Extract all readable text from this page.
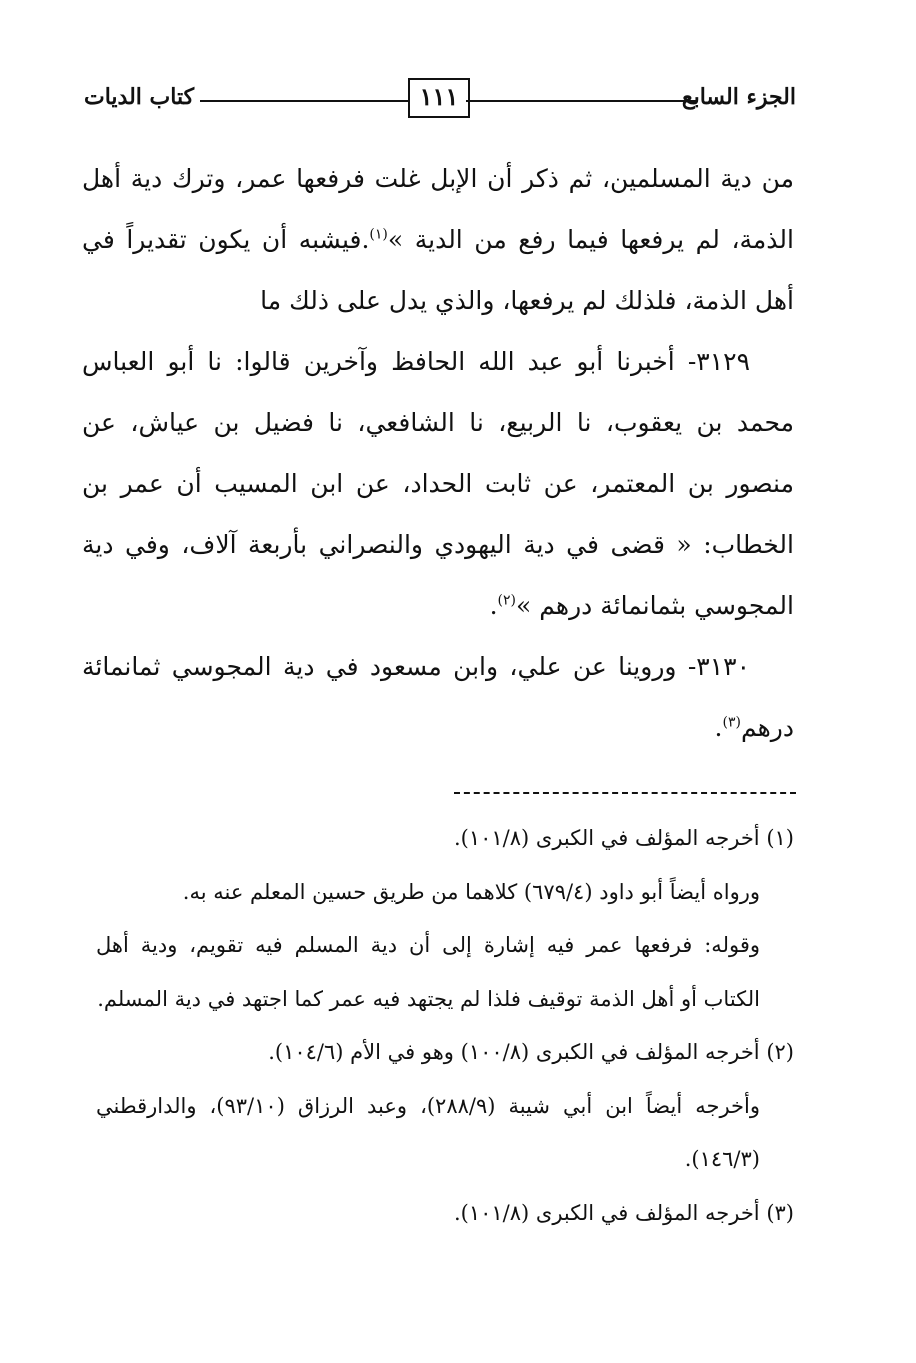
الجزء السابع
١١١
كتاب الديات

من دية المسلمين، ثم ذكر أن الإبل غلت فرفعها عمر، وترك دية أهل الذمة، لم يرفعها فيما رفع من الدية »$^{(١)}$.فيشبه أن يكون تقديراً في أهل الذمة، فلذلك لم يرفعها، والذي يدل على ذلك ما

٣١٢٩- أخبرنا أبو عبد الله الحافظ وآخرين قالوا: نا أبو العباس محمد بن يعقوب، نا الربيع، نا الشافعي، نا فضيل بن عياش، عن منصور بن المعتمر، عن ثابت الحداد، عن ابن المسيب أن عمر بن الخطاب: « قضى في دية اليهودي والنصراني بأربعة آلاف، وفي دية المجوسي بثمانمائة درهم »$^{(٢)}$.

٣١٣٠- وروينا عن علي، وابن مسعود في دية المجوسي ثمانمائة درهم$^{(٣)}$.

(١) أخرجه المؤلف في الكبرى (١٠١/٨).

ورواه أيضاً أبو داود (٦٧٩/٤) كلاهما من طريق حسين المعلم عنه به.

وقوله: فرفعها عمر فيه إشارة إلى أن دية المسلم فيه تقويم، ودية أهل الكتاب أو أهل الذمة توقيف فلذا لم يجتهد فيه عمر كما اجتهد في دية المسلم.

(٢) أخرجه المؤلف في الكبرى (١٠٠/٨) وهو في الأم (١٠٤/٦).

وأخرجه أيضاً ابن أبي شيبة (٢٨٨/٩)، وعبد الرزاق (٩٣/١٠)، والدارقطني (١٤٦/٣).

(٣) أخرجه المؤلف في الكبرى (١٠١/٨).
